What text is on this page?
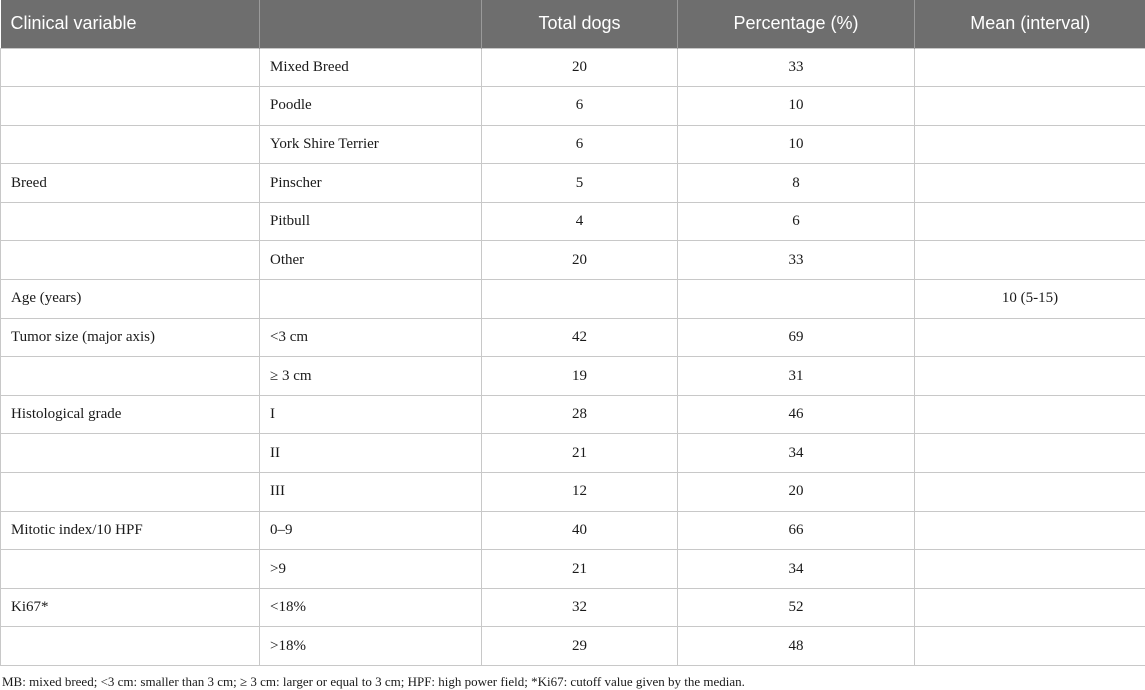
Clinical variable		Total dogs	Percentage (%)	Mean (interval)
	Mixed Breed	20	33	
	Poodle	6	10	
	York Shire Terrier	6	10	
Breed	Pinscher	5	8	
	Pitbull	4	6	
	Other	20	33	
Age (years)				10 (5-15)
Tumor size (major axis)	<3 cm	42	69	
	≥ 3 cm	19	31	
Histological grade	I	28	46	
	II	21	34	
	III	12	20	
Mitotic index/10 HPF	0–9	40	66	
	>9	21	34	
Ki67*	<18%	32	52	
	>18%	29	48	
MB: mixed breed; <3 cm: smaller than 3 cm; ≥ 3 cm: larger or equal to 3 cm; HPF: high power field; *Ki67: cutoff value given by the median.
